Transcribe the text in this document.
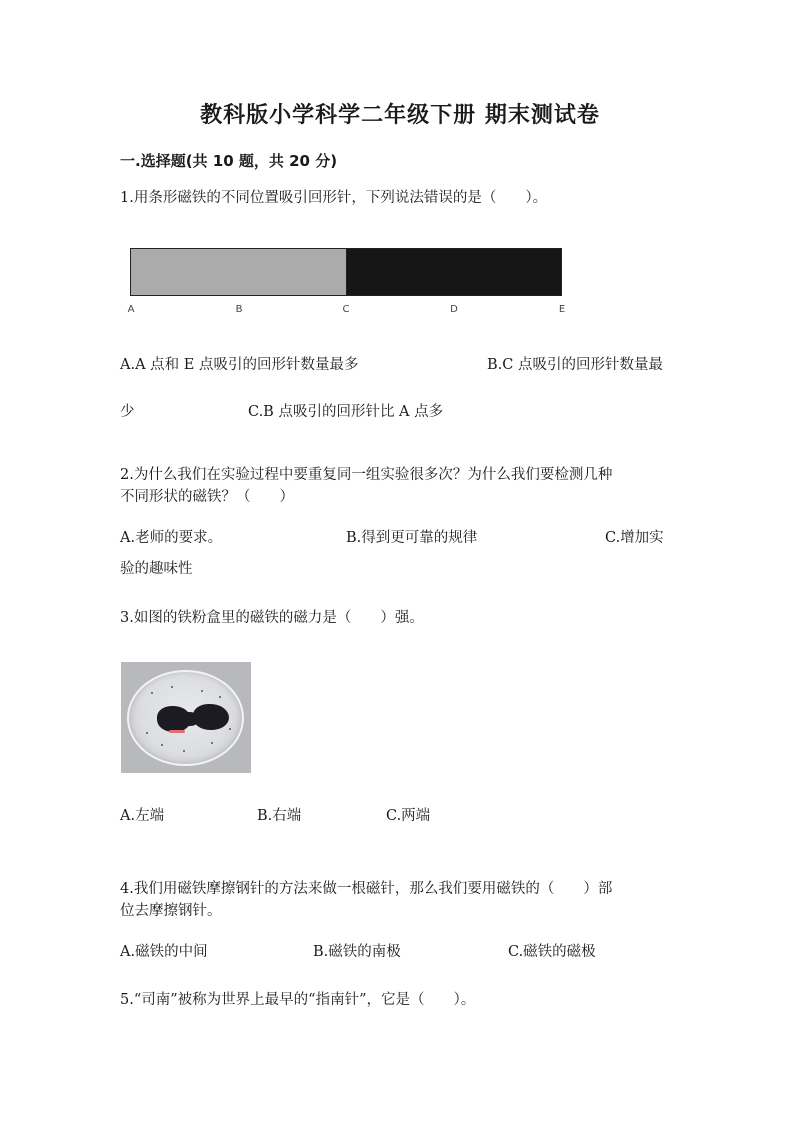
教科版小学科学二年级下册 期末测试卷
一.选择题(共 10 题，共 20 分)
1.用条形磁铁的不同位置吸引回形针，下列说法错误的是（　　）。
A	B	C	D	E
A.A 点和 E 点吸引的回形针数量最多	B.C 点吸引的回形针数量最
少	C.B 点吸引的回形针比 A 点多
2.为什么我们在实验过程中要重复同一组实验很多次？为什么我们要检测几种
不同形状的磁铁？（　　）
A.老师的要求。	B.得到更可靠的规律	C.增加实
验的趣味性
3.如图的铁粉盒里的磁铁的磁力是（　　）强。
A.左端	B.右端	C.两端
4.我们用磁铁摩擦钢针的方法来做一根磁针，那么我们要用磁铁的（　　）部
位去摩擦钢针。
A.磁铁的中间	B.磁铁的南极	C.磁铁的磁极
5.“司南”被称为世界上最早的“指南针”，它是（　　）。
